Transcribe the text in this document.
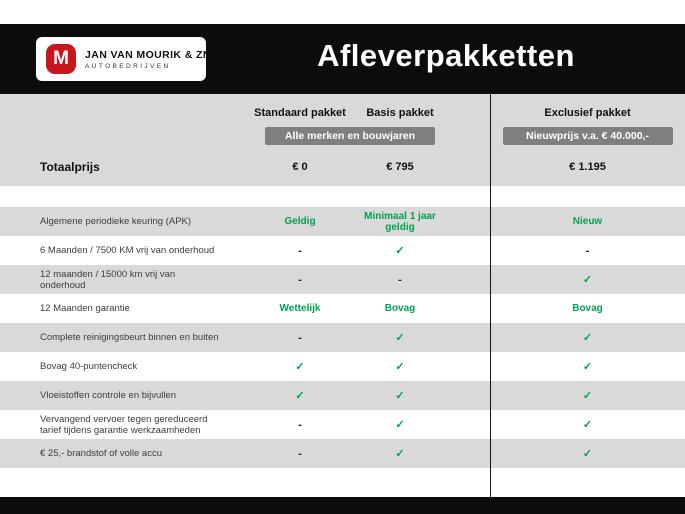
M	JAN VAN MOURIK & ZN
AUTOBEDRIJVEN	Afleverpakketten
Standaard pakket	Basis pakket	Exclusief pakket
Alle merken en bouwjaren	Nieuwprijs v.a. € 40.000,-
Totaalprijs	€ 0	€ 795	€ 1.195
Algemene periodieke keuring (APK)	Geldig	Minimaal 1 jaar geldig	Nieuw
6 Maanden / 7500 KM vrij van onderhoud	-	✓	-
12 maanden / 15000 km vrij van onderhoud	-	-	✓
12 Maanden garantie	Wettelijk	Bovag	Bovag
Complete reinigingsbeurt binnen en buiten	-	✓	✓
Bovag 40-puntencheck	✓	✓	✓
Vloeistoffen controle en bijvullen	✓	✓	✓
Vervangend vervoer tegen gereduceerd tarief tijdens garantie werkzaamheden	-	✓	✓
€ 25,- brandstof of volle accu	-	✓	✓
